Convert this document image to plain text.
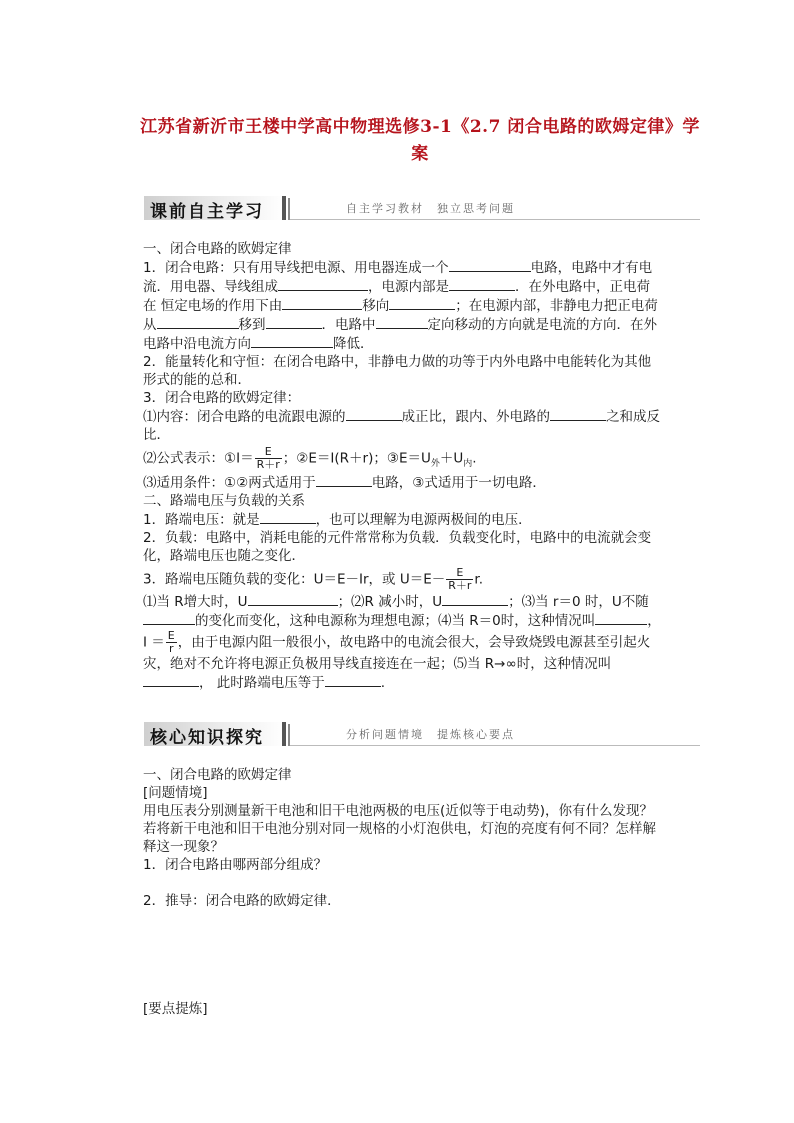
江苏省新沂市王楼中学高中物理选修3-1《2.7 闭合电路的欧姆定律》学案
课前自主学习	自主学习教材　独立思考问题

一、闭合电路的欧姆定律

1．闭合电路：只有用导线把电源、用电器连成一个	电路，电路中才有电 流．用电器、导线组成	，电源内部是	．在外电路中，正电荷在 恒定电场的作用下由	移向	；在电源内部，非静电力把正电荷 从	移到	．电路中	定向移动的方向就是电流的方向．在外 电路中沿电流方向	降低．

2．能量转化和守恒：在闭合电路中，非静电力做的功等于内外电路中电能转化为其他形式的能的总和．

3．闭合电路的欧姆定律：

⑴内容：闭合电路的电流跟电源的	成正比，跟内、外电路的	之和成反 比．

⑵公式表示：①I＝ $\frac{E}{R+r}$ ；②E＝I(R＋r)；$③E=U_外+U_内$.

⑶适用条件：①②两式适用于	电路，③式适用于一切电路．

二、路端电压与负载的关系

1．路端电压：就是	，也可以理解为电源两极间的电压．

2．负载：电路中，消耗电能的元件常常称为负载．负载变化时，电路中的电流就会变化，路端电压也随之变化．

3．路端电压随负载的变化：U＝E－Ir，或 $U=E- \frac{E}{R+r} r$.

⑴当 R增大时，U	；⑵R 减小时，U	；⑶当 r＝0 时，U不随 的变化而变化，这种电源称为理想电源；⑷当 R＝0时，这种情况叫	，$I = \frac{E}{r}$ ，由于电源内阻一般很小，故电路中的电流会很大，会导致烧毁电源甚至引起火灾，绝对不允许将电源正负极用导线直接连在一起；⑸当 R→∞时，这种情况叫， 此时路端电压等于	.

核心知识探究	分析问题情境　提炼核心要点

一、闭合电路的欧姆定律

[问题情境]

用电压表分别测量新干电池和旧干电池两极的电压(近似等于电动势)，你有什么发现？若将新干电池和旧干电池分别对同一规格的小灯泡供电，灯泡的亮度有何不同？怎样解释这一现象？

1．闭合电路由哪两部分组成？

2．推导：闭合电路的欧姆定律．

[要点提炼]
